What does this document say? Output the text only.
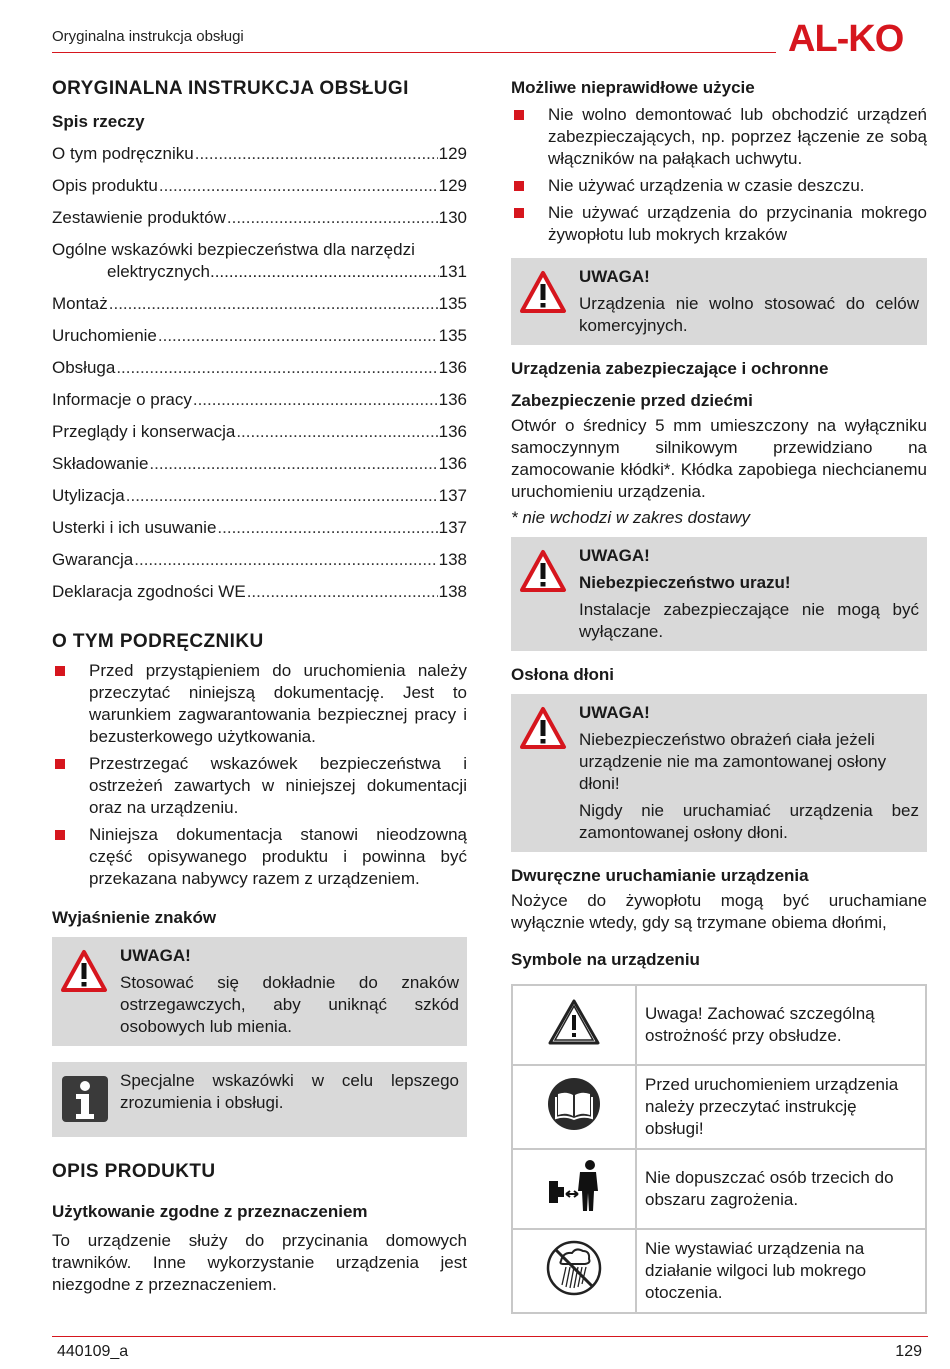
Oryginalna instrukcja obsługi	AL-KO
ORYGINALNA INSTRUKCJA OBSŁUGI
Spis rzeczy
O tym podręczniku .....	129
Opis produktu .....	129
Zestawienie produktów .....	130
Ogólne wskazówki bezpieczeństwa dla narzędzi
elektrycznych .....	131
Montaż .....	135
Uruchomienie .....	135
Obsługa .....	136
Informacje o pracy .....	136
Przeglądy i konserwacja .....	136
Składowanie .....	136
Utylizacja .....	137
Usterki i ich usuwanie .....	137
Gwarancja .....	138
Deklaracja zgodności WE .....	138
O TYM PODRĘCZNIKU
Przed przystąpieniem do uruchomienia należy przeczytać niniejszą dokumentację. Jest to warunkiem zagwarantowania bezpiecznej pracy i bezusterkowego użytkowania.
Przestrzegać wskazówek bezpieczeństwa i ostrzeżeń zawartych w niniejszej dokumentacji oraz na urządzeniu.
Niniejsza dokumentacja stanowi nieodzowną część opisywanego produktu i powinna być przekazana nabywcy razem z urządzeniem.
Wyjaśnienie znaków
UWAGA!
Stosować się dokładnie do znaków ostrzegawczych, aby uniknąć szkód osobowych lub mienia.
Specjalne wskazówki w celu lepszego zrozumienia i obsługi.
OPIS PRODUKTU
Użytkowanie zgodne z przeznaczeniem
To urządzenie służy do przycinania domowych trawników. Inne wykorzystanie urządzenia jest niezgodne z przeznaczeniem.
Możliwe nieprawidłowe użycie
Nie wolno demontować lub obchodzić urządzeń zabezpieczających, np. poprzez łączenie ze sobą włączników na pałąkach uchwytu.
Nie używać urządzenia w czasie deszczu.
Nie używać urządzenia do przycinania mokrego żywopłotu lub mokrych krzaków
UWAGA!
Urządzenia nie wolno stosować do celów komercyjnych.
Urządzenia zabezpieczające i ochronne
Zabezpieczenie przed dziećmi
Otwór o średnicy 5 mm umieszczony na wyłączniku samoczynnym silnikowym przewidziano na zamocowanie kłódki*. Kłódka zapobiega niechcianemu uruchomieniu urządzenia.
* nie wchodzi w zakres dostawy
UWAGA!
Niebezpieczeństwo urazu!
Instalacje zabezpieczające nie mogą być wyłączane.
Osłona dłoni
UWAGA!
Niebezpieczeństwo obrażeń ciała jeżeli urządzenie nie ma zamontowanej osłony dłoni!
Nigdy nie uruchamiać urządzenia bez zamontowanej osłony dłoni.
Dwuręczne uruchamianie urządzenia
Nożyce do żywopłotu mogą być uruchamiane wyłącznie wtedy, gdy są trzymane obiema dłońmi,
Symbole na urządzeniu
	Uwaga! Zachować szczególną ostrożność przy obsłudze.
	Przed uruchomieniem urządzenia należy przeczytać instrukcję obsługi!
	Nie dopuszczać osób trzecich do obszaru zagrożenia.
	Nie wystawiać urządzenia na działanie wilgoci lub mokrego otoczenia.
440109_a	129
